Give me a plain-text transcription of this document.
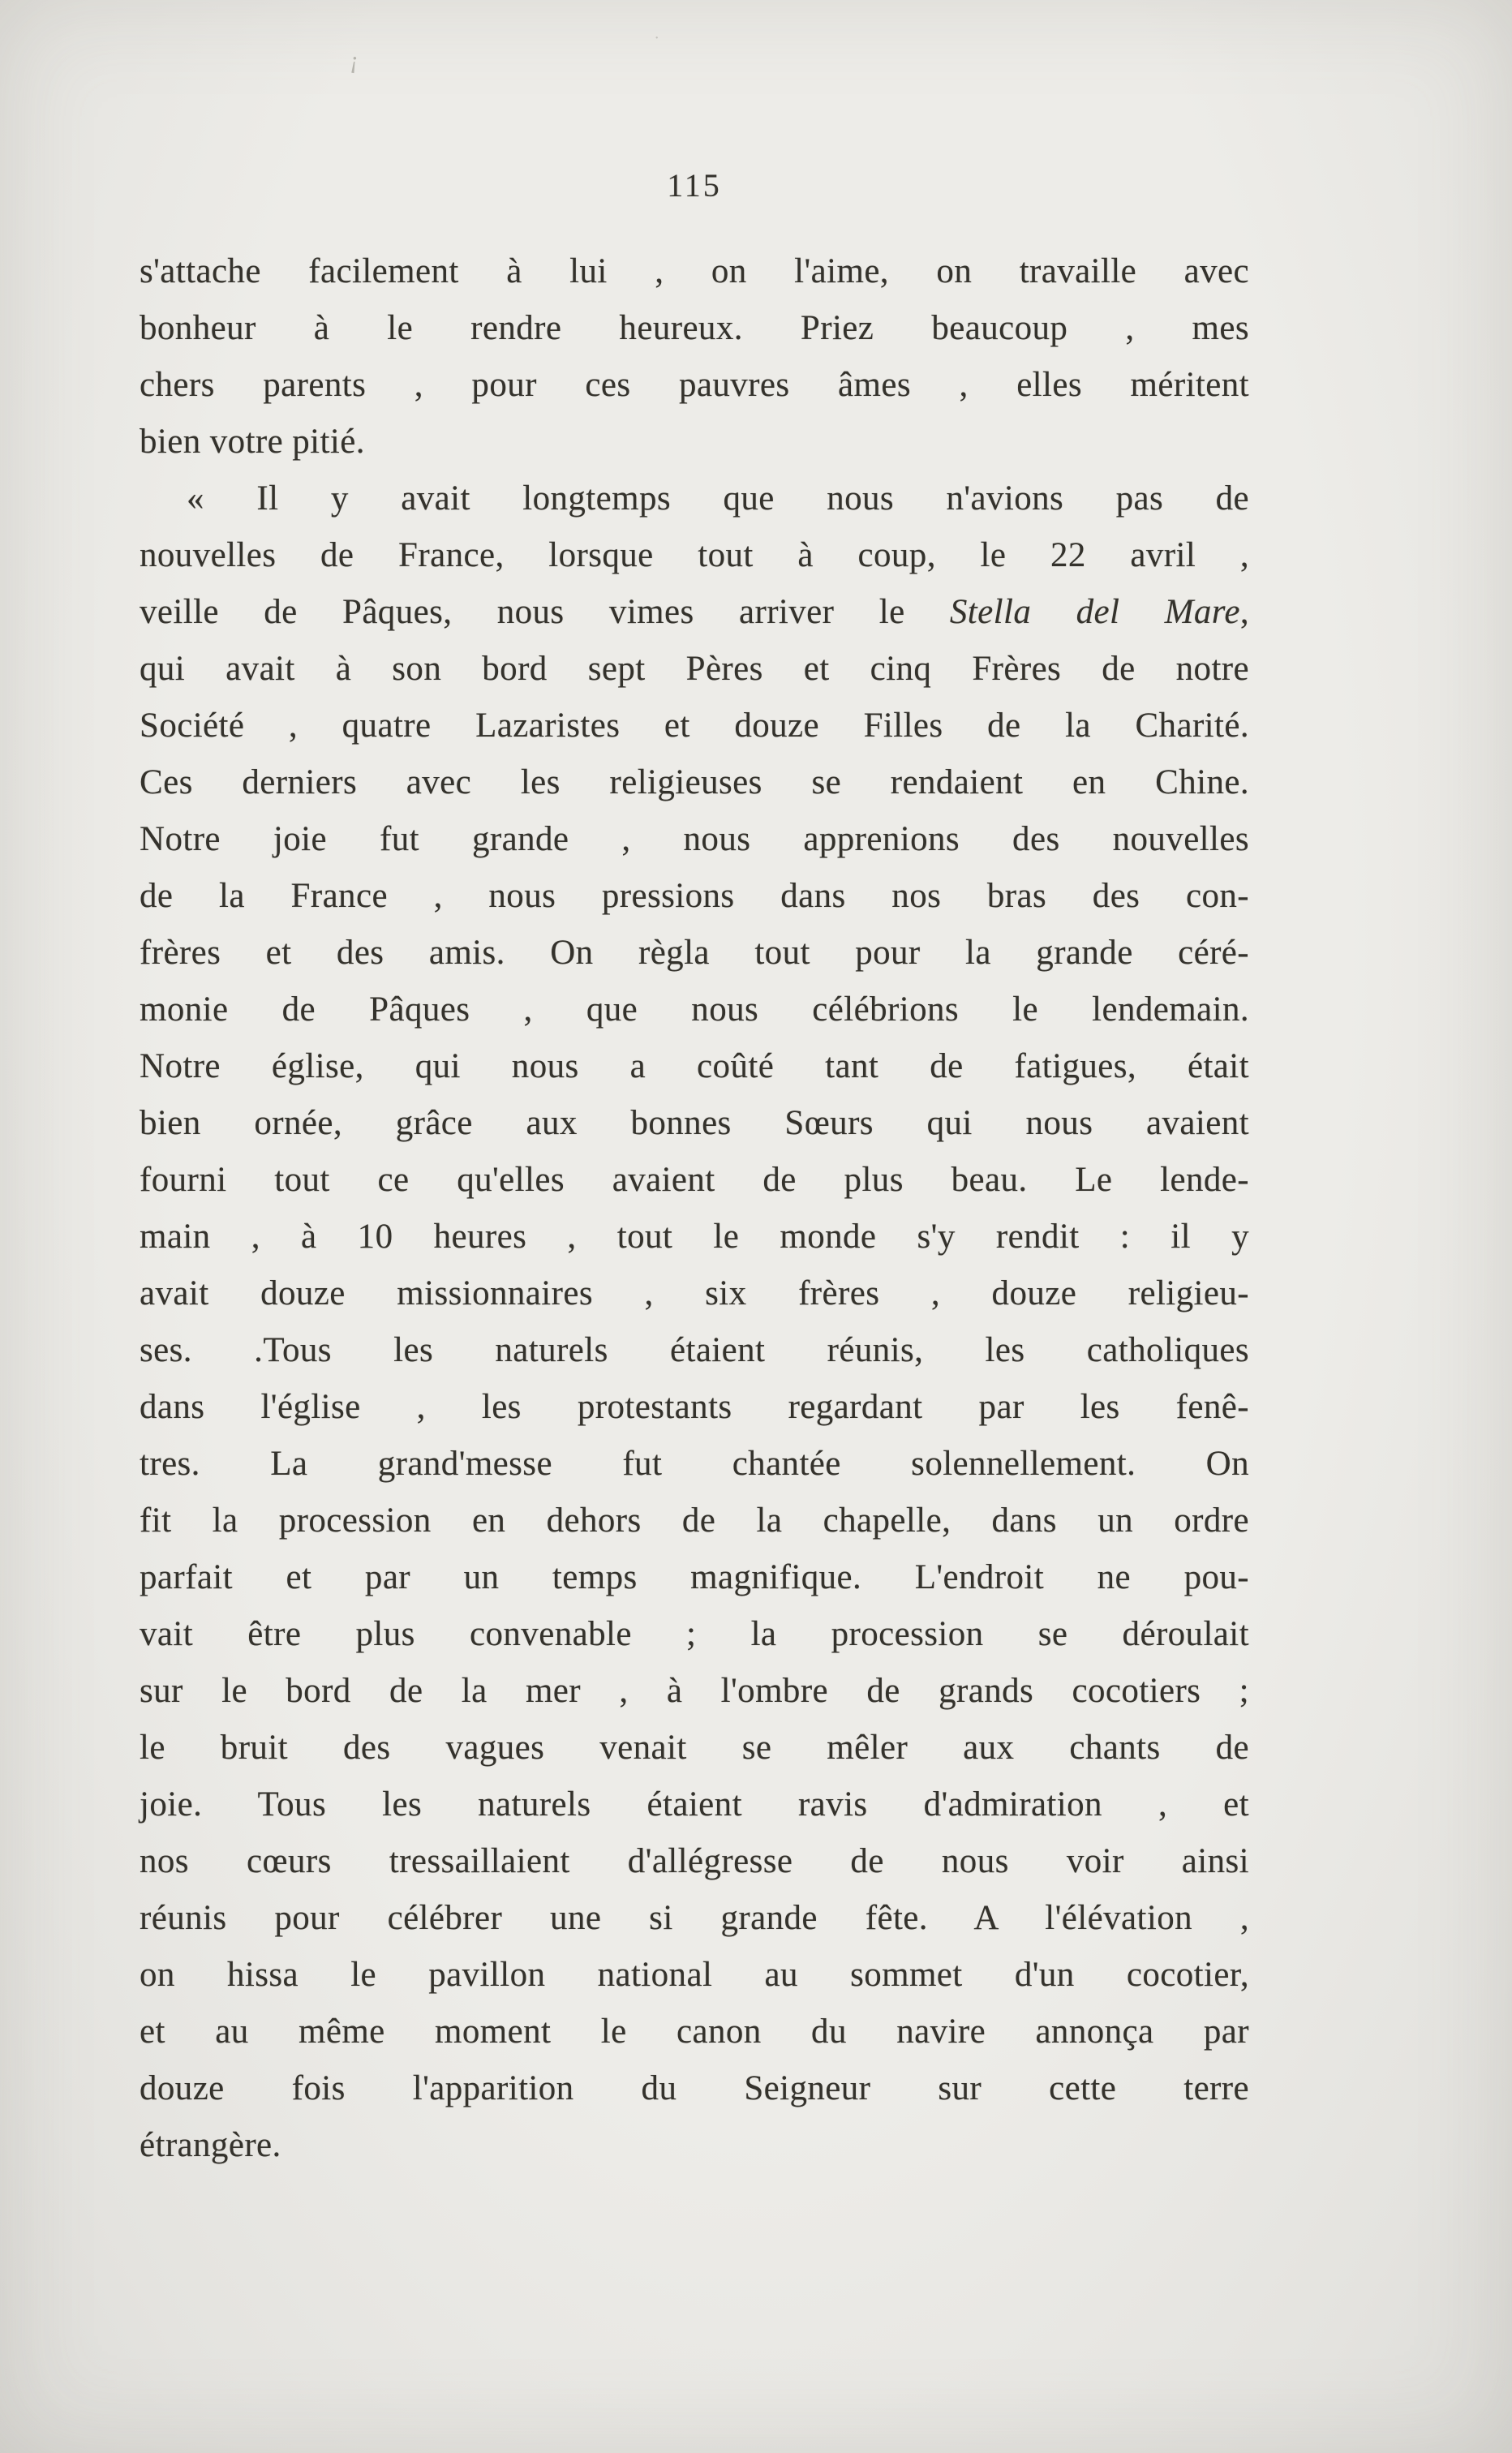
¡
˙
115
s'attache facilement à lui , on l'aime, on travaille avec
bonheur à le rendre heureux. Priez beaucoup , mes
chers parents , pour ces pauvres âmes , elles méritent
bien votre pitié.
« Il y avait longtemps que nous n'avions pas de
nouvelles de France, lorsque tout à coup, le 22 avril ,
veille de Pâques, nous vimes arriver le Stella del Mare,
qui avait à son bord sept Pères et cinq Frères de notre
Société , quatre Lazaristes et douze Filles de la Charité.
Ces derniers avec les religieuses se rendaient en Chine.
Notre joie fut grande , nous apprenions des nouvelles
de la France , nous pressions dans nos bras des con-
frères et des amis. On règla tout pour la grande céré-
monie de Pâques , que nous célébrions le lendemain.
Notre église, qui nous a coûté tant de fatigues, était
bien ornée, grâce aux bonnes Sœurs qui nous avaient
fourni tout ce qu'elles avaient de plus beau. Le lende-
main , à 10 heures , tout le monde s'y rendit : il y
avait douze missionnaires , six frères , douze religieu-
ses. .Tous les naturels étaient réunis, les catholiques
dans l'église , les protestants regardant par les fenê-
tres. La grand'messe fut chantée solennellement. On
fit la procession en dehors de la chapelle, dans un ordre
parfait et par un temps magnifique. L'endroit ne pou-
vait être plus convenable ; la procession se déroulait
sur le bord de la mer , à l'ombre de grands cocotiers ;
le bruit des vagues venait se mêler aux chants de
joie. Tous les naturels étaient ravis d'admiration , et
nos cœurs tressaillaient d'allégresse de nous voir ainsi
réunis pour célébrer une si grande fête. A l'élévation ,
on hissa le pavillon national au sommet d'un cocotier,
et au même moment le canon du navire annonça par
douze fois l'apparition du Seigneur sur cette terre
étrangère.
